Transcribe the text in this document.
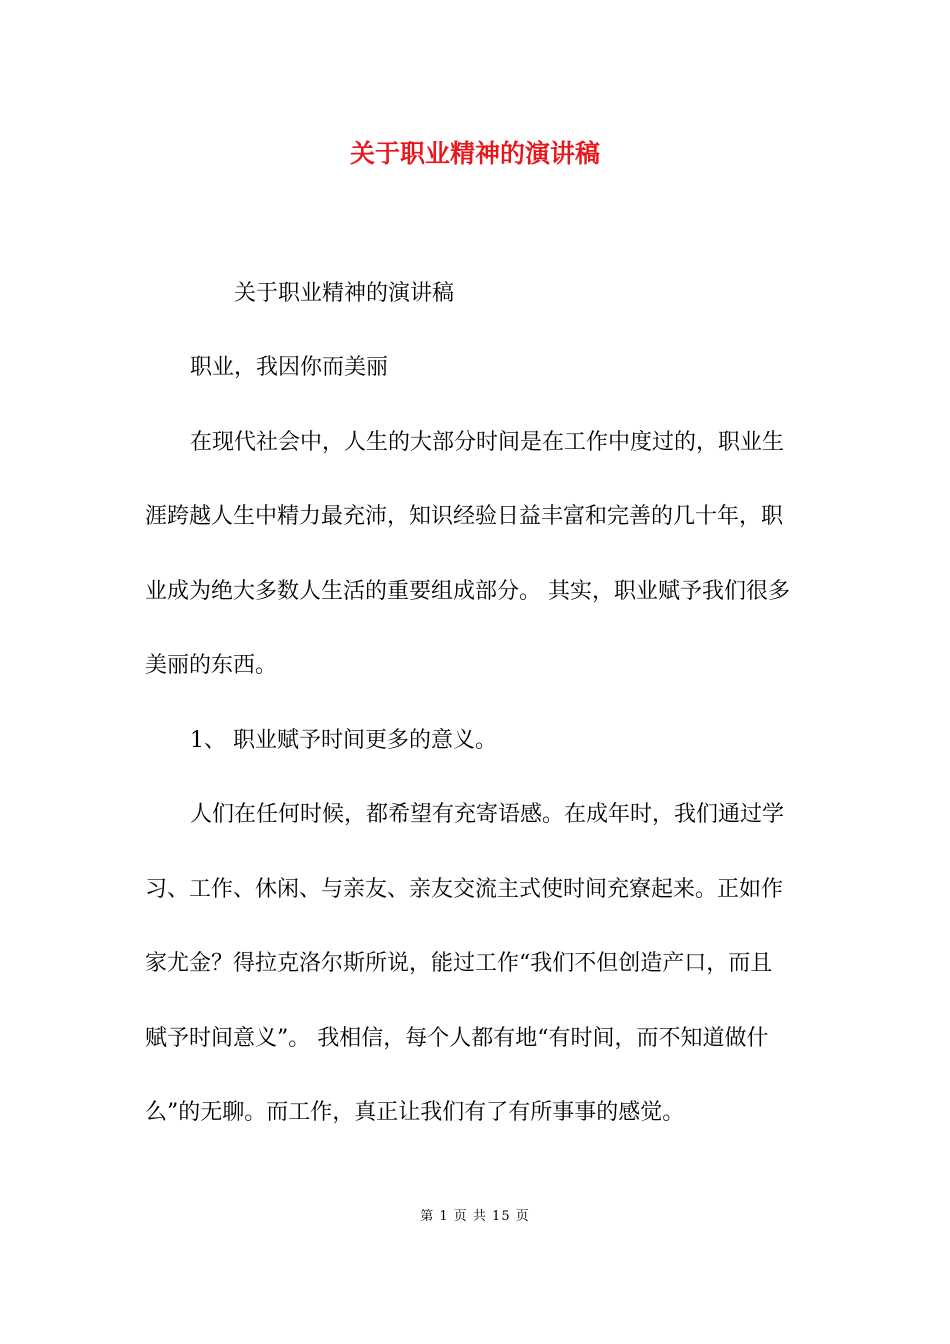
关于职业精神的演讲稿
关于职业精神的演讲稿
职业，我因你而美丽
在现代社会中，人生的大部分时间是在工作中度过的，职业生
涯跨越人生中精力最充沛，知识经验日益丰富和完善的几十年，职
业成为绝大多数人生活的重要组成部分。 其实，职业赋予我们很多
美丽的东西。
1、 职业赋予时间更多的意义。
人们在任何时候，都希望有充寄语感。在成年时，我们通过学
习、工作、休闲、与亲友、亲友交流主式使时间充寮起来。正如作
家尤金？得拉克洛尔斯所说，能过工作“我们不但创造产口，而且
赋予时间意义”。 我相信，每个人都有地“有时间，而不知道做什
么”的无聊。而工作，真正让我们有了有所事事的感觉。
第 1 页 共 15 页
